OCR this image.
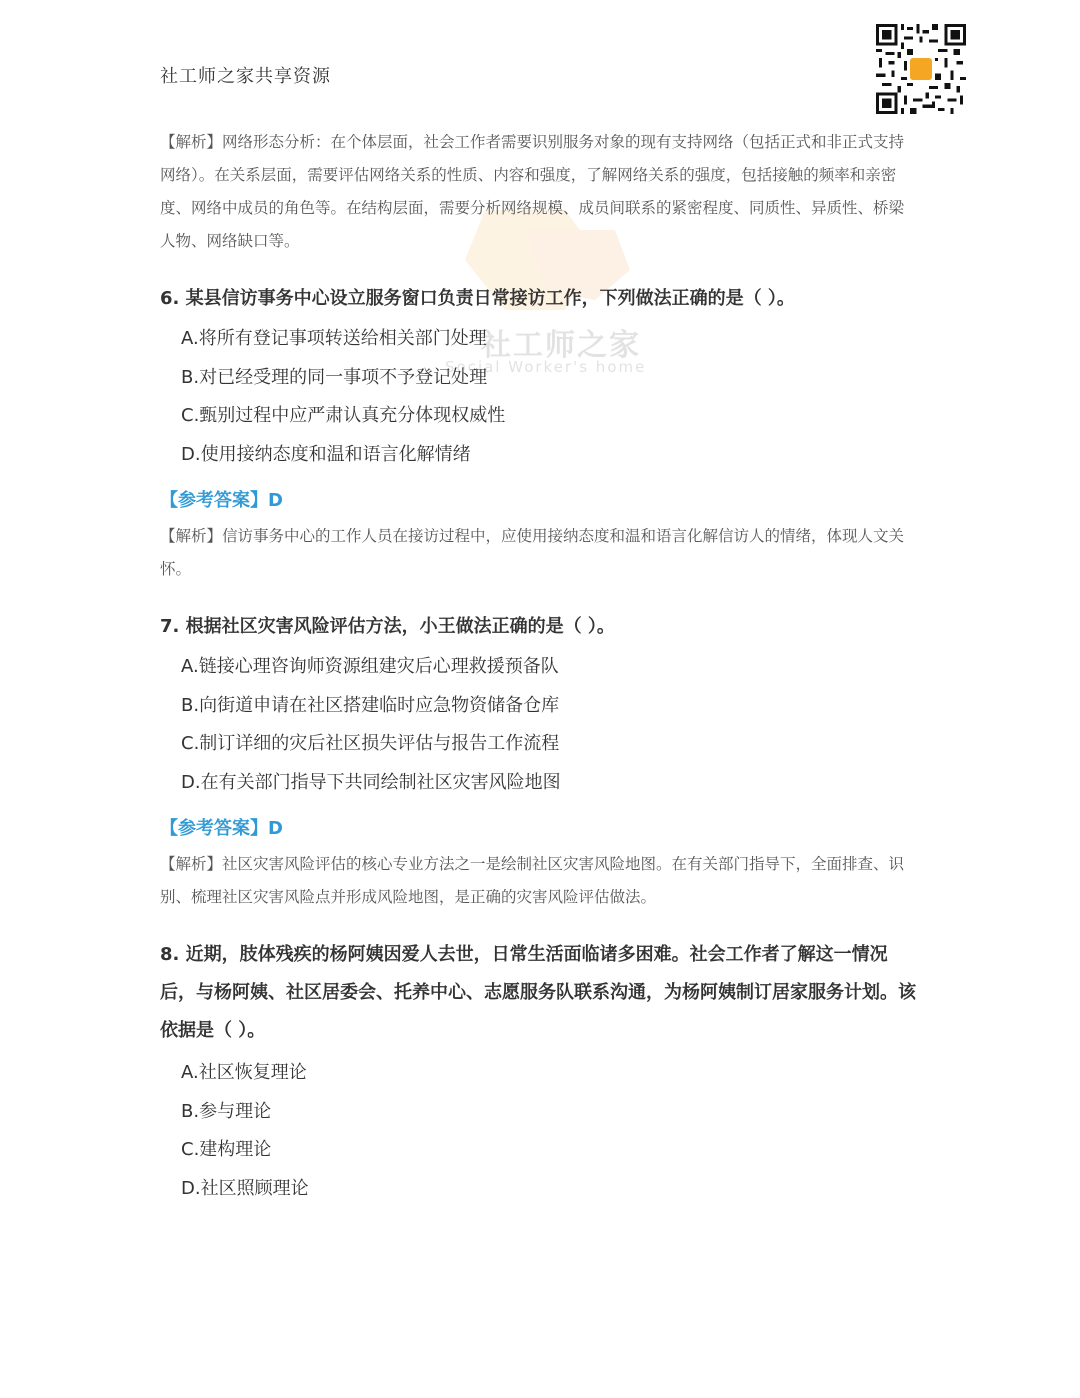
社工师之家共享资源

【解析】网络形态分析：在个体层面，社会工作者需要识别服务对象的现有支持网络（包括正式和非正式支持网络）。在关系层面，需要评估网络关系的性质、内容和强度，了解网络关系的强度，包括接触的频率和亲密度、网络中成员的角色等。在结构层面，需要分析网络规模、成员间联系的紧密程度、同质性、异质性、桥梁人物、网络缺口等。

6. 某县信访事务中心设立服务窗口负责日常接访工作，下列做法正确的是（ ）。

A.将所有登记事项转送给相关部门处理
B.对已经受理的同一事项不予登记处理
C.甄别过程中应严肃认真充分体现权威性
D.使用接纳态度和温和语言化解情绪

【参考答案】D

【解析】信访事务中心的工作人员在接访过程中，应使用接纳态度和温和语言化解信访人的情绪，体现人文关怀。

7. 根据社区灾害风险评估方法，小王做法正确的是（ ）。

A.链接心理咨询师资源组建灾后心理救援预备队
B.向街道申请在社区搭建临时应急物资储备仓库
C.制订详细的灾后社区损失评估与报告工作流程
D.在有关部门指导下共同绘制社区灾害风险地图

【参考答案】D

【解析】社区灾害风险评估的核心专业方法之一是绘制社区灾害风险地图。在有关部门指导下，全面排查、识别、梳理社区灾害风险点并形成风险地图，是正确的灾害风险评估做法。

8. 近期，肢体残疾的杨阿姨因爱人去世，日常生活面临诸多困难。社会工作者了解这一情况后，与杨阿姨、社区居委会、托养中心、志愿服务队联系沟通，为杨阿姨制订居家服务计划。该依据是（ ）。

A.社区恢复理论
B.参与理论
C.建构理论
D.社区照顾理论
社工师之家
Social Worker's home
